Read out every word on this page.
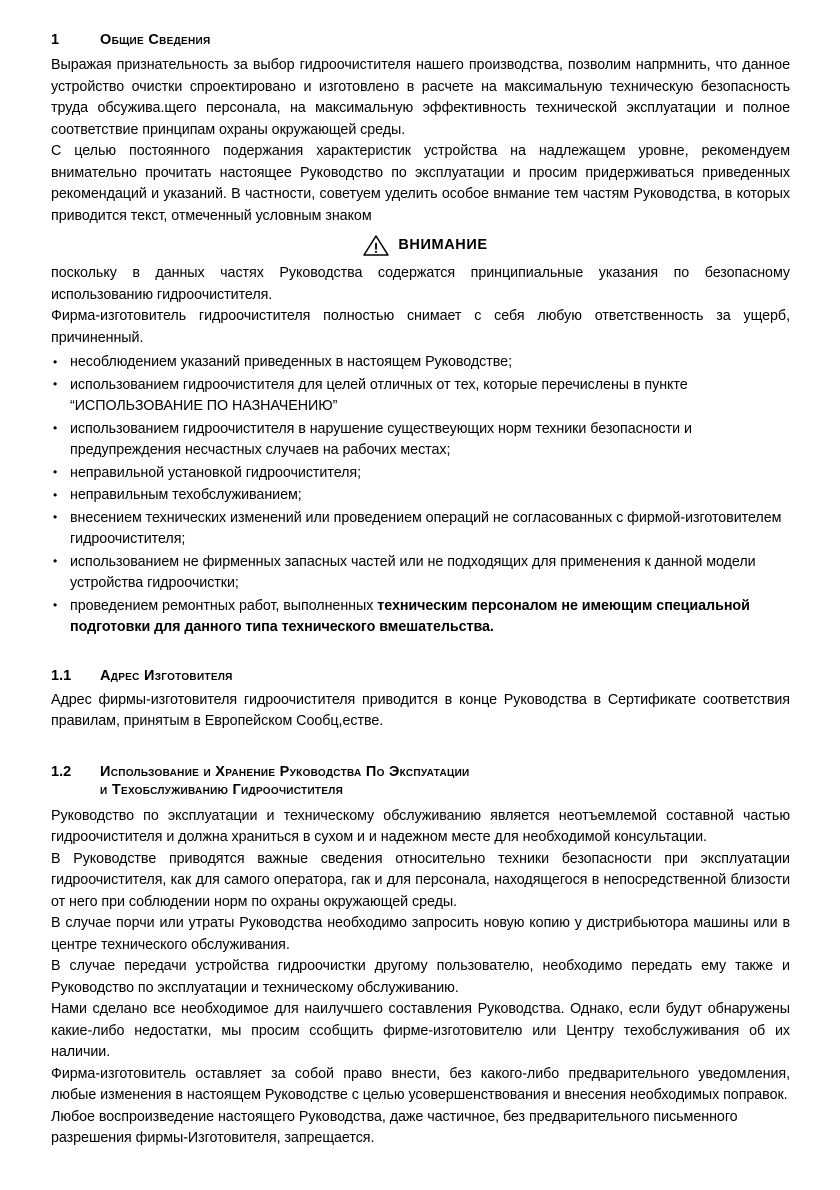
1	Общие Сведения

Выражая признательность за выбор гидроочистителя нашего производства, позволим напрмнить, что данное устройство очистки спроектировано и изготовлено в расчете на максимальную техническую безопасность труда обсужива.щего персонала, на максимальную эффективность технической эксплуатации и полное соответствие принципам охраны окружающей среды.

С целью постоянного подержания характеристик устройства на надлежащем уровне, рекомендуем внимательно прочитать настоящее Руководство по эксплуатации и просим придерживаться приведенных рекомендаций и указаний. В частности, советуем уделить особое внмание тем частям Руководства, в которых приводится текст, отмеченный условным знаком

ВНИМАНИЕ

поскольку в данных частях Руководства содержатся принципиальные указания по безопасному использованию гидроочистителя.

Фирма-изготовитель гидроочистителя полностью снимает с себя любую ответственность за ущерб, причиненный.

• несоблюдением указаний приведенных в настоящем Руководстве;
• использованием гидроочистителя для целей отличных от тех, которые перечислены в пункте “ИСПОЛЬЗОВАНИЕ ПО НАЗНАЧЕНИЮ”
• использованием гидроочистителя в нарушение существеующих норм техники безопасности и предупреждения несчастных случаев на рабочих местах;
• неправильной установкой гидроочистителя;
• неправильным техобслуживанием;
• внесением технических изменений или проведением операций не согласованных с фирмой-изготовителем гидроочистителя;
• использованием не фирменных запасных частей или не подходящих для применения к данной модели устройства гидроочистки;
• проведением ремонтных работ, выполненных техническим персоналом не имеющим специальной подготовки для данного типа технического вмешательства.
1.1	Адрес Изготовителя

Адрес фирмы-изготовителя гидроочистителя приводится в конце Руководства в Сертификате соответствия правилам, принятым в Европейском Сообц,естве.

1.2	Использование и Хранение Руководства По Экспуатации
и Техобслуживанию Гидроочистителя

Руководство по эксплуатации и техническому обслуживанию является неотъемлемой составной частью гидроочистителя и должна храниться в сухом и и надежном месте для необходимой консультации.

В Руководстве приводятся важные сведения относительно техники безопасности при эксплуатации гидроочистителя, как для самого оператора, гак и для персонала, находящегося в непосредственной близости от него при соблюдении норм по охраны окружающей среды.

В случае порчи или утраты Руководства необходимо запросить новую копию у дистрибьютора машины или в центре технического обслуживания.

В случае передачи устройства гидроочистки другому пользователю, необходимо передать ему также и Руководство по эксплуатации и техническому обслуживанию.

Нами сделано все необходимое для наилучшего составления Руководства. Однако, если будут обнаружены какие-либо недостатки, мы просим ссобщить фирме-изготовителю или Центру техобслуживания об их наличии.

Фирма-изготовитель оставляет за собой право внести, без какого-либо предварительного уведомления, любые изменения в настоящем Руководстве с целью усовершенствования и внесения необходимых поправок.

Любое воспроизведение настоящего Руководства, даже частичное, без предварительного письменного разрешения фирмы-Изготовителя, запрещается.
